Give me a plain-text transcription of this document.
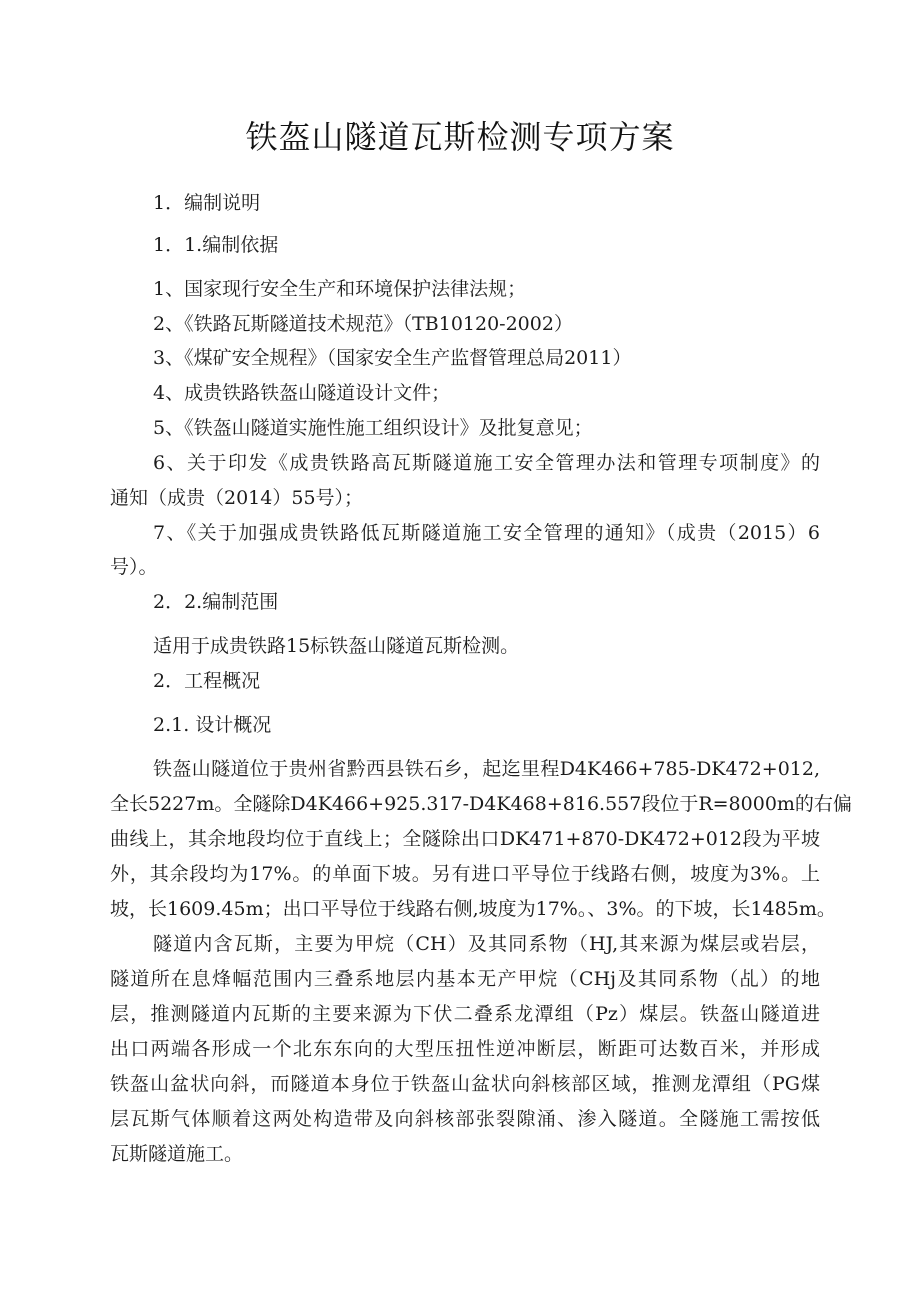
铁盔山隧道瓦斯检测专项方案
1．编制说明
1．1.编制依据
1、国家现行安全生产和环境保护法律法规；
2、《铁路瓦斯隧道技术规范》（TB10120-2002）
3、《煤矿安全规程》（国家安全生产监督管理总局2011）
4、成贵铁路铁盔山隧道设计文件；
5、《铁盔山隧道实施性施工组织设计》及批复意见；
6、关于印发《成贵铁路高瓦斯隧道施工安全管理办法和管理专项制度》的
通知（成贵（2014）55号）；
7、《关于加强成贵铁路低瓦斯隧道施工安全管理的通知》（成贵（2015）6
号）。
2．2.编制范围
适用于成贵铁路15标铁盔山隧道瓦斯检测。
2．工程概况
2.1. 设计概况
铁盔山隧道位于贵州省黔西县铁石乡，起迄里程D4K466+785-DK472+012,
全长5227m。全隧除D4K466+925.317-D4K468+816.557段位于R=8000m的右偏
曲线上，其余地段均位于直线上；全隧除出口DK471+870-DK472+012段为平坡
外，其余段均为17%。的单面下坡。另有进口平导位于线路右侧，坡度为3%。上
坡，长1609.45m；出口平导位于线路右侧,坡度为17%。、3%。的下坡，长1485m。
隧道内含瓦斯，主要为甲烷（CH）及其同系物（HJ,其来源为煤层或岩层，
隧道所在息烽幅范围内三叠系地层内基本无产甲烷（CHj及其同系物（乩）的地
层，推测隧道内瓦斯的主要来源为下伏二叠系龙潭组（Pz）煤层。铁盔山隧道进
出口两端各形成一个北东东向的大型压扭性逆冲断层，断距可达数百米，并形成
铁盔山盆状向斜，而隧道本身位于铁盔山盆状向斜核部区域，推测龙潭组（PG煤
层瓦斯气体顺着这两处构造带及向斜核部张裂隙涌、渗入隧道。全隧施工需按低
瓦斯隧道施工。
